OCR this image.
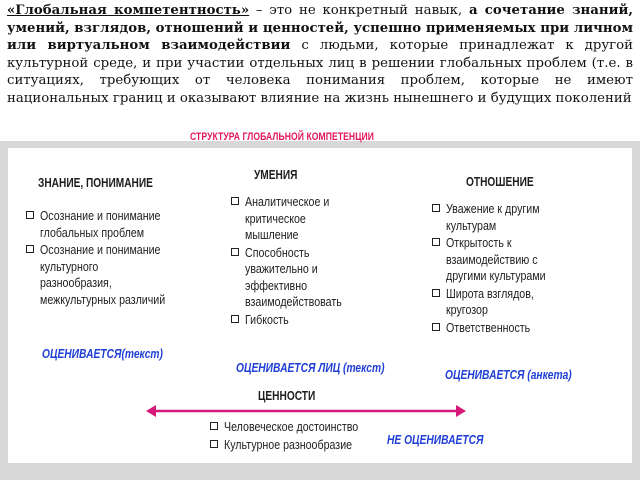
«Глобальная компетентность» – это не конкретный навык, а сочетание знаний, умений, взглядов, отношений и ценностей, успешно применяемых при личном или виртуальном взаимодействии с людьми, которые принадлежат к другой культурной среде, и при участии отдельных лиц в решении глобальных проблем (т.е. в ситуациях, требующих от человека понимания проблем, которые не имеют национальных границ и оказывают влияние на жизнь нынешнего и будущих поколений

СТРУКТУРА ГЛОБАЛЬНОЙ КОМПЕТЕНЦИИ
ЗНАНИЕ, ПОНИМАНИЕ
Осознание и понимание
глобальных проблем
Осознание и понимание
культурного
разнообразия,
межкультурных различий
ОЦЕНИВАЕТСЯ(текст)
УМЕНИЯ
Аналитическое и
критическое
мышление
Способность
уважительно и
эффективно
взаимодействовать
Гибкость
ОЦЕНИВАЕТСЯ ЛИЦ (текст)
ОТНОШЕНИЕ
Уважение к другим
культурам
Открытость к
взаимодействию с
другими культурами
Широта взглядов,
кругозор
Ответственность
ОЦЕНИВАЕТСЯ (анкета)
ЦЕННОСТИ
Человеческое достоинство
Культурное разнообразие	НЕ ОЦЕНИВАЕТСЯ
